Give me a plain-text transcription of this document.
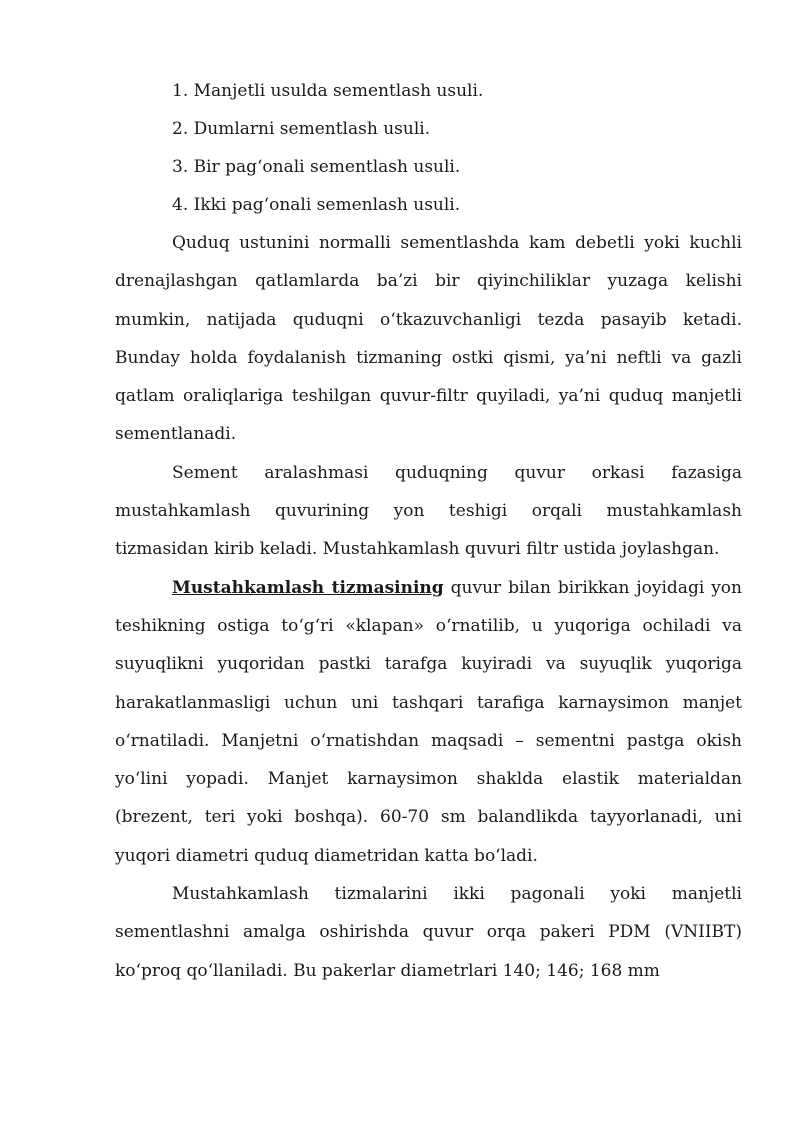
1. Manjetli usulda sementlash usuli.

2. Dumlarni sementlash usuli.

3. Bir pag‘onali sementlash usuli.

4. Ikki pag‘onali semenlash usuli.

Quduq ustunini normalli sementlashda kam debetli yoki kuchli drenajlashgan qatlamlarda ba’zi bir qiyinchiliklar yuzaga kelishi mumkin, natijada quduqni o‘tkazuvchanligi tezda pasayib ketadi. Bunday holda foydalanish tizmaning ostki qismi, ya’ni neftli va gazli qatlam oraliqlariga teshilgan quvur-filtr quyiladi, ya’ni quduq manjetli sementlanadi.

Sement aralashmasi quduqning quvur orkasi fazasiga mustahkamlash quvurining yon teshigi orqali mustahkamlash tizmasidan kirib keladi. Mustahkamlash quvuri filtr ustida joylashgan.

Mustahkamlash tizmasining quvur bilan birikkan joyidagi yon teshikning ostiga to‘g‘ri «klapan» o‘rnatilib, u yuqoriga ochiladi va suyuqlikni yuqoridan pastki tarafga kuyiradi va suyuqlik yuqoriga harakatlanmasligi uchun uni tashqari tarafiga karnaysimon manjet o‘rnatiladi. Manjetni o‘rnatishdan maqsadi – sementni pastga okish yo‘lini yopadi. Manjet karnaysimon shaklda elastik materialdan (brezent, teri yoki boshqa). 60-70 sm balandlikda tayyorlanadi, uni yuqori diametri quduq diametridan katta bo‘ladi.

Mustahkamlash tizmalarini ikki pagonali yoki manjetli sementlashni amalga oshirishda quvur orqa pakeri PDM (VNIIBT) ko‘proq qo‘llaniladi. Bu pakerlar diametrlari 140; 146; 168 mm
